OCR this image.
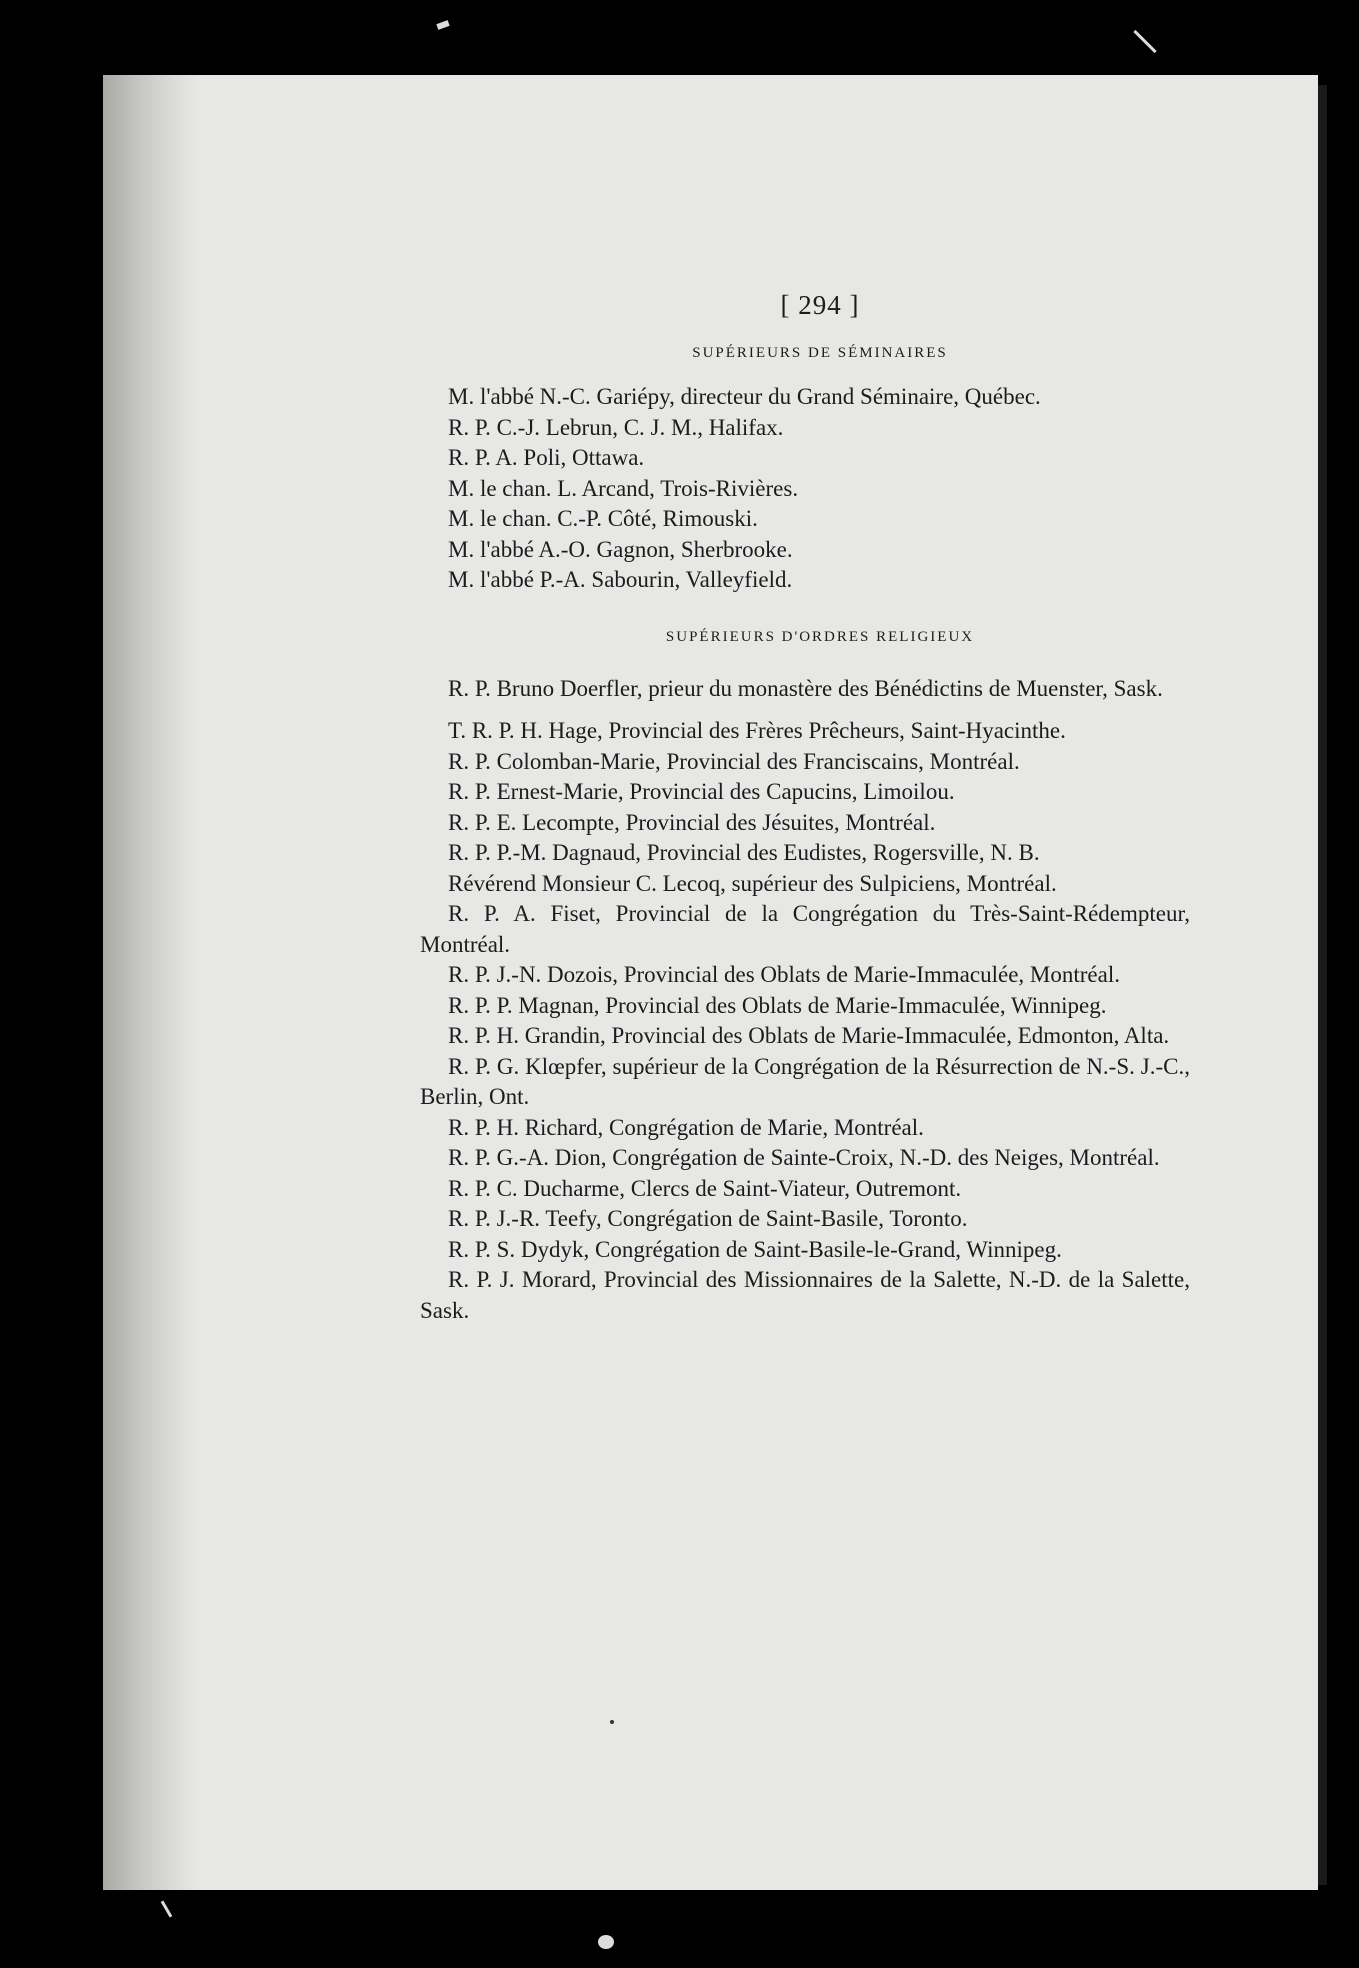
[ 294 ]
SUPÉRIEURS DE SÉMINAIRES
M. l'abbé N.-C. Gariépy, directeur du Grand Séminaire, Québec.
R. P. C.-J. Lebrun, C. J. M., Halifax.
R. P. A. Poli, Ottawa.
M. le chan. L. Arcand, Trois-Rivières.
M. le chan. C.-P. Côté, Rimouski.
M. l'abbé A.-O. Gagnon, Sherbrooke.
M. l'abbé P.-A. Sabourin, Valleyfield.
SUPÉRIEURS D'ORDRES RELIGIEUX
R. P. Bruno Doerfler, prieur du monastère des Bénédictins de Muenster, Sask.
T. R. P. H. Hage, Provincial des Frères Prêcheurs, Saint-Hyacinthe.
R. P. Colomban-Marie, Provincial des Franciscains, Montréal.
R. P. Ernest-Marie, Provincial des Capucins, Limoilou.
R. P. E. Lecompte, Provincial des Jésuites, Montréal.
R. P. P.-M. Dagnaud, Provincial des Eudistes, Rogersville, N. B.
Révérend Monsieur C. Lecoq, supérieur des Sulpiciens, Montréal.
R. P. A. Fiset, Provincial de la Congrégation du Très-Saint-Rédempteur, Montréal.
R. P. J.-N. Dozois, Provincial des Oblats de Marie-Immaculée, Montréal.
R. P. P. Magnan, Provincial des Oblats de Marie-Immaculée, Winnipeg.
R. P. H. Grandin, Provincial des Oblats de Marie-Immaculée, Edmonton, Alta.
R. P. G. Klœpfer, supérieur de la Congrégation de la Résurrection de N.-S. J.-C., Berlin, Ont.
R. P. H. Richard, Congrégation de Marie, Montréal.
R. P. G.-A. Dion, Congrégation de Sainte-Croix, N.-D. des Neiges, Montréal.
R. P. C. Ducharme, Clercs de Saint-Viateur, Outremont.
R. P. J.-R. Teefy, Congrégation de Saint-Basile, Toronto.
R. P. S. Dydyk, Congrégation de Saint-Basile-le-Grand, Winnipeg.
R. P. J. Morard, Provincial des Missionnaires de la Salette, N.-D. de la Salette, Sask.
